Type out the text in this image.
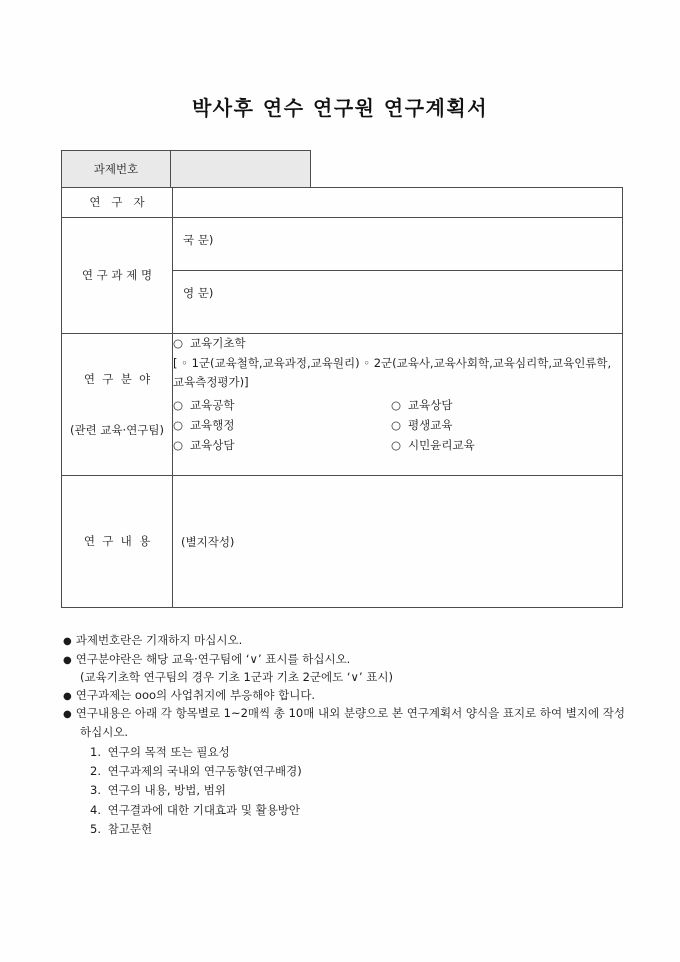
박사후 연수 연구원 연구계획서
과제번호
연   구   자	
연 구 과 제 명	국 문)
	영 문)

연  구  분  야

(관련 교육·연구팀)

○ 교육기초학
[ ◦ 1군(교육철학,교육과정,교육원리) ◦ 2군(교육사,교육사회학,교육심리학,교육인류학,교육측정평가)]
○ 교육공학	○ 교육상담
○ 교육행정	○ 평생교육
○ 교육상담	○ 시민윤리교육

연  구  내  용	(별지작성)
● 과제번호란은 기재하지 마십시오.
● 연구분야란은 해당 교육·연구팀에 ‘∨’ 표시를 하십시오.
(교육기초학 연구팀의 경우 기초 1군과 기초 2군에도 ‘∨’ 표시)
● 연구과제는 ooo의 사업취지에 부응해야 합니다.
● 연구내용은 아래 각 항목별로 1~2매씩 총 10매 내외 분량으로 본 연구계획서 양식을 표지로 하여 별지에 작성하십시오.
1. 연구의 목적 또는 필요성
2. 연구과제의 국내외 연구동향(연구배경)
3. 연구의 내용, 방법, 범위
4. 연구결과에 대한 기대효과 및 활용방안
5. 참고문헌
